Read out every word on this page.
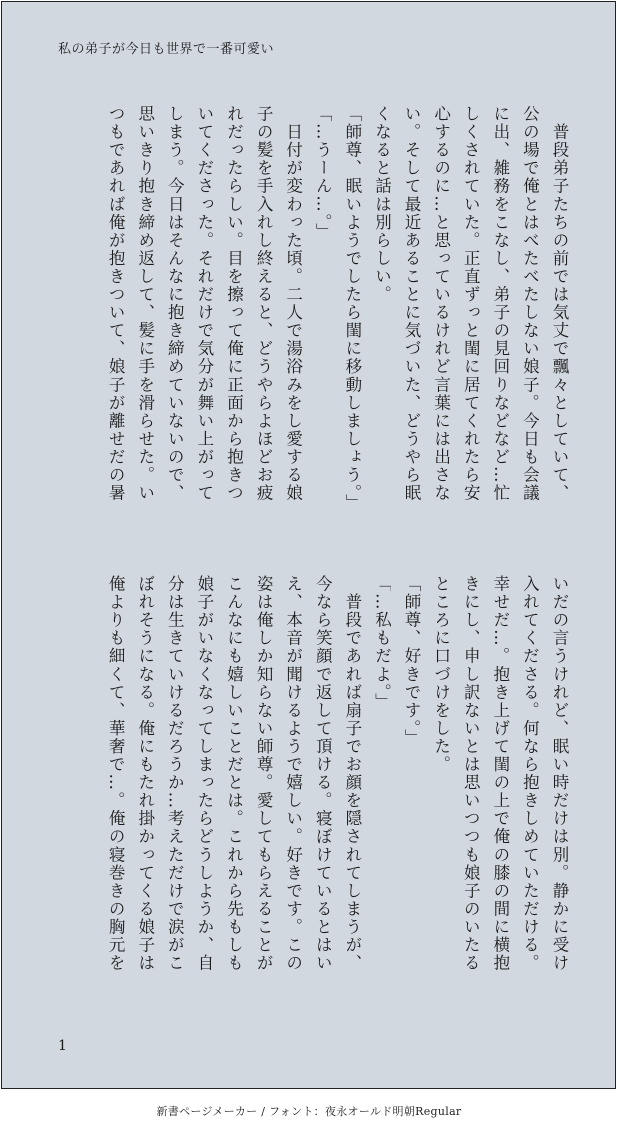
私の弟子が今日も世界で一番可愛い
　普段弟子たちの前では気丈で飄々としていて、
公の場で俺とはべたべたしない娘子。今日も会議
に出、雑務をこなし、弟子の見回りなどなど…忙
しくされていた。正直ずっと閨に居てくれたら安
心するのに…と思っているけれど言葉には出さな
い。そして最近あることに気づいた、どうやら眠
くなると話は別らしい。
「師尊、眠いようでしたら閨に移動しましょう。」
「…うーん…。」
　日付が変わった頃。二人で湯浴みをし愛する娘
子の髪を手入れし終えると、どうやらよほどお疲
れだったらしい。目を擦って俺に正面から抱きつ
いてくださった。それだけで気分が舞い上がって
しまう。今日はそんなに抱き締めていないので、
思いきり抱き締め返して、髪に手を滑らせた。い
つもであれば俺が抱きついて、娘子が離せだの暑
いだの言うけれど、眠い時だけは別。静かに受け
入れてくださる。何なら抱きしめていただける。
幸せだ…。抱き上げて閨の上で俺の膝の間に横抱
きにし、申し訳ないとは思いつつも娘子のいたる
ところに口づけをした。
「師尊、好きです。」
「…私もだよ。」
　普段であれば扇子でお顔を隠されてしまうが、
今なら笑顔で返して頂ける。寝ぼけているとはい
え、本音が聞けるようで嬉しい。好きです。この
姿は俺しか知らない師尊。愛してもらえることが
こんなにも嬉しいことだとは。これから先もしも
娘子がいなくなってしまったらどうしようか、自
分は生きていけるだろうか…考えただけで涙がこ
ぼれそうになる。俺にもたれ掛かってくる娘子は
俺よりも細くて、華奢で…。俺の寝巻きの胸元を
1
新書ページメーカー / フォント：夜永オールド明朝Regular
